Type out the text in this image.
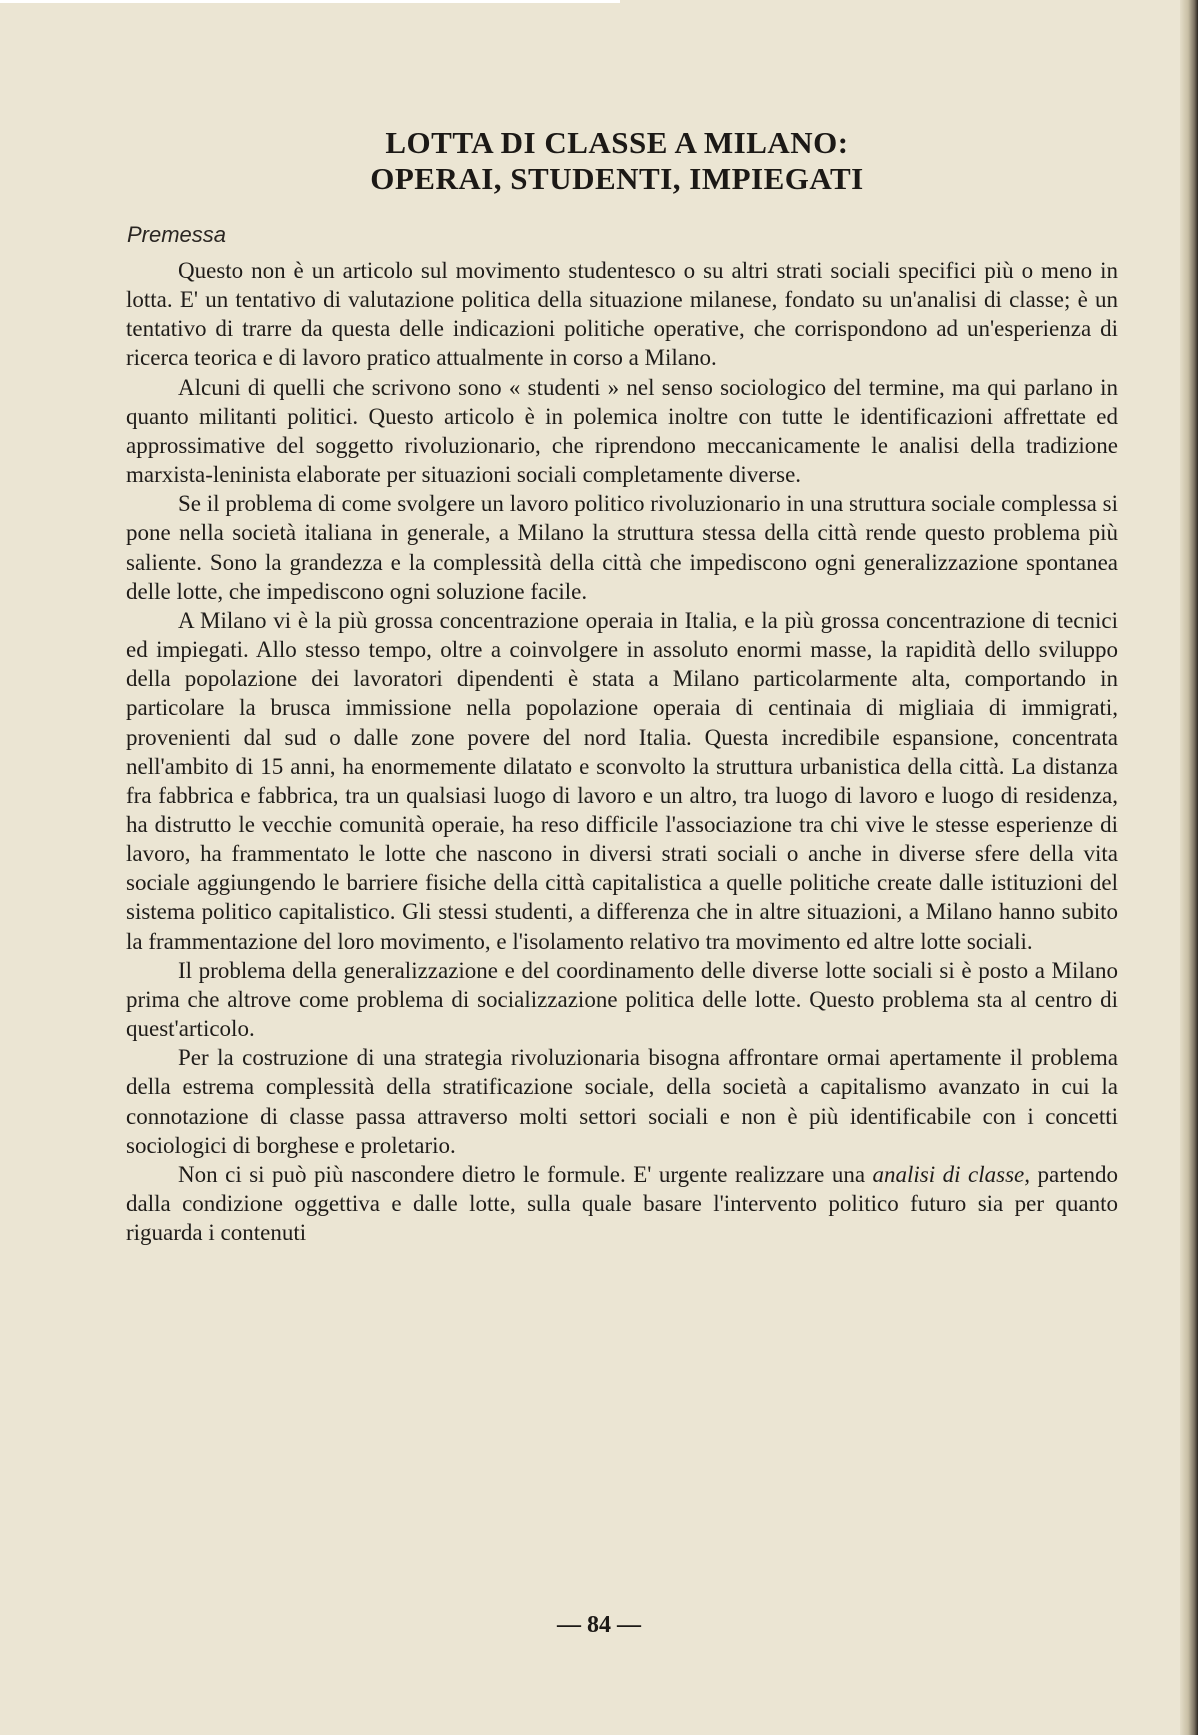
LOTTA DI CLASSE A MILANO:
OPERAI, STUDENTI, IMPIEGATI
Premessa

Questo non è un articolo sul movimento studentesco o su altri strati sociali specifici più o meno in lotta. E' un tentativo di valutazione politica della situazione milanese, fondato su un'analisi di classe; è un tentativo di trarre da questa delle indicazioni politiche operative, che corrispondono ad un'esperienza di ricerca teorica e di lavoro pratico attualmente in corso a Milano.

Alcuni di quelli che scrivono sono « studenti » nel senso sociologico del termine, ma qui parlano in quanto militanti politici. Questo articolo è in polemica inoltre con tutte le identificazioni affrettate ed approssimative del soggetto rivoluzionario, che riprendono meccanicamente le analisi della tradizione marxista-leninista elaborate per situazioni sociali completamente diverse.

Se il problema di come svolgere un lavoro politico rivoluzionario in una struttura sociale complessa si pone nella società italiana in generale, a Milano la struttura stessa della città rende questo problema più saliente. Sono la grandezza e la complessità della città che impediscono ogni generalizzazione spontanea delle lotte, che impediscono ogni soluzione facile.

A Milano vi è la più grossa concentrazione operaia in Italia, e la più grossa concentrazione di tecnici ed impiegati. Allo stesso tempo, oltre a coinvolgere in assoluto enormi masse, la rapidità dello sviluppo della popolazione dei lavoratori dipendenti è stata a Milano particolarmente alta, comportando in particolare la brusca immissione nella popolazione operaia di centinaia di migliaia di immigrati, provenienti dal sud o dalle zone povere del nord Italia. Questa incredibile espansione, concentrata nell'ambito di 15 anni, ha enormemente dilatato e sconvolto la struttura urbanistica della città. La distanza fra fabbrica e fabbrica, tra un qualsiasi luogo di lavoro e un altro, tra luogo di lavoro e luogo di residenza, ha distrutto le vecchie comunità operaie, ha reso difficile l'associazione tra chi vive le stesse esperienze di lavoro, ha frammentato le lotte che nascono in diversi strati sociali o anche in diverse sfere della vita sociale aggiungendo le barriere fisiche della città capitalistica a quelle politiche create dalle istituzioni del sistema politico capitalistico. Gli stessi studenti, a differenza che in altre situazioni, a Milano hanno subito la frammentazione del loro movimento, e l'isolamento relativo tra movimento ed altre lotte sociali.

Il problema della generalizzazione e del coordinamento delle diverse lotte sociali si è posto a Milano prima che altrove come problema di socializzazione politica delle lotte. Questo problema sta al centro di quest'articolo.

Per la costruzione di una strategia rivoluzionaria bisogna affrontare ormai apertamente il problema della estrema complessità della stratificazione sociale, della società a capitalismo avanzato in cui la connotazione di classe passa attraverso molti settori sociali e non è più identificabile con i concetti sociologici di borghese e proletario.

Non ci si può più nascondere dietro le formule. E' urgente realizzare una analisi di classe, partendo dalla condizione oggettiva e dalle lotte, sulla quale basare l'intervento politico futuro sia per quanto riguarda i contenuti

— 84 —
